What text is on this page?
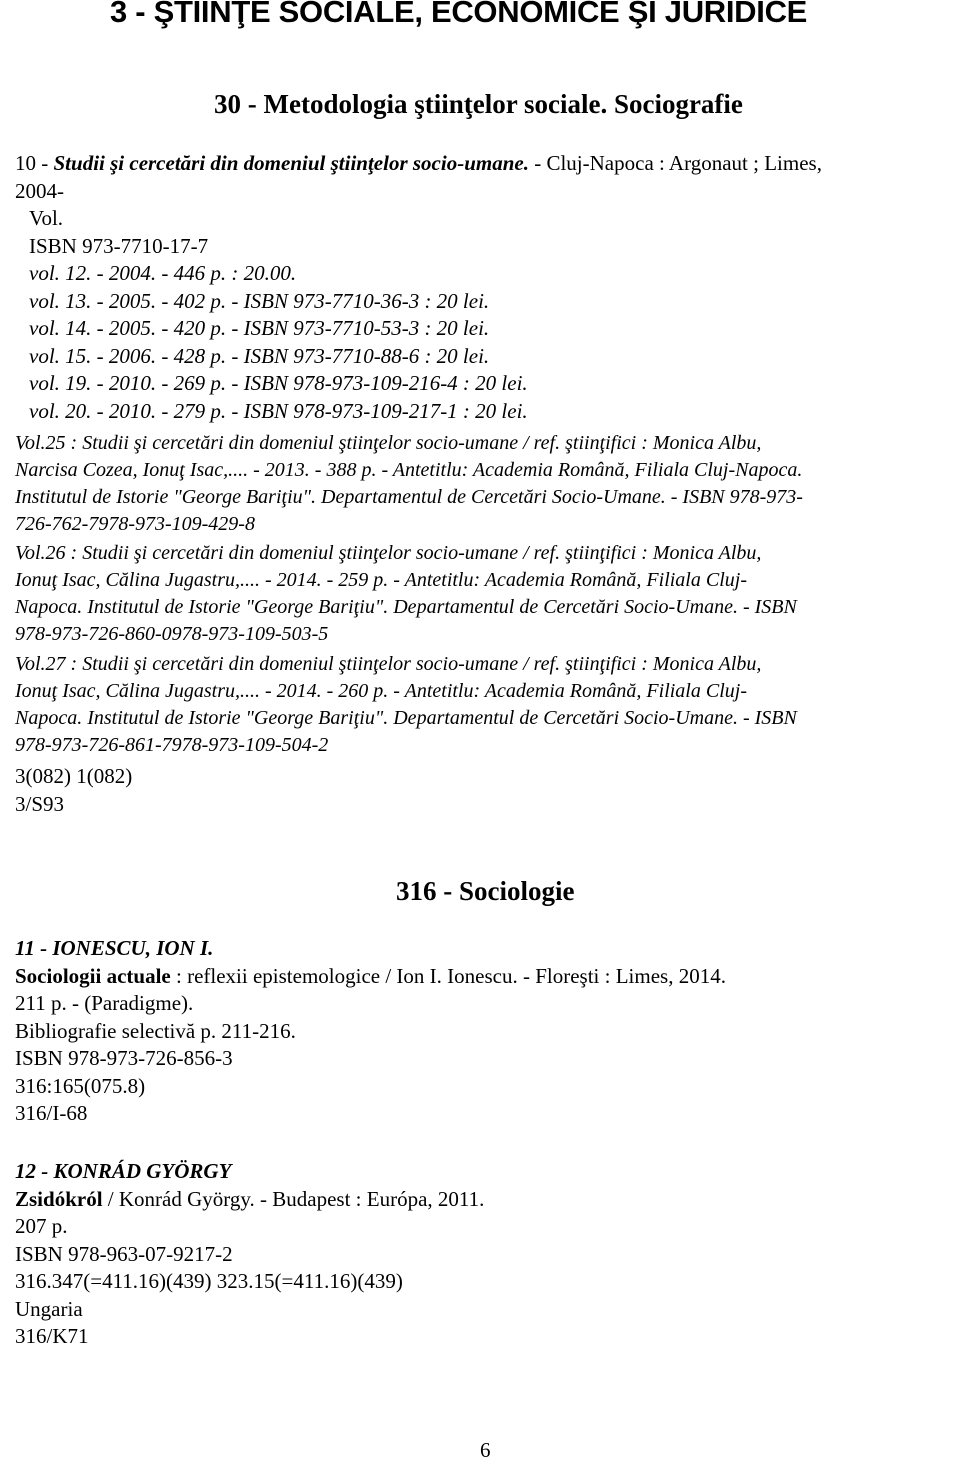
3 - ŞTIINŢE SOCIALE, ECONOMICE ŞI JURIDICE
30 - Metodologia ştiinţelor sociale. Sociografie
10 - Studii şi cercetări din domeniul ştiinţelor socio-umane. - Cluj-Napoca : Argonaut ; Limes,
2004-
Vol.
ISBN 973-7710-17-7
vol. 12. - 2004. - 446 p. : 20.00.
vol. 13. - 2005. - 402 p. - ISBN 973-7710-36-3 : 20 lei.
vol. 14. - 2005. - 420 p. - ISBN 973-7710-53-3 : 20 lei.
vol. 15. - 2006. - 428 p. - ISBN 973-7710-88-6 : 20 lei.
vol. 19. - 2010. - 269 p. - ISBN 978-973-109-216-4 : 20 lei.
vol. 20. - 2010. - 279 p. - ISBN 978-973-109-217-1 : 20 lei.
Vol.25 : Studii şi cercetări din domeniul ştiinţelor socio-umane / ref. ştiinţifici : Monica Albu,
Narcisa Cozea, Ionuţ Isac,.... - 2013. - 388 p. - Antetitlu: Academia Română, Filiala Cluj-Napoca.
Institutul de Istorie "George Bariţiu". Departamentul de Cercetări Socio-Umane. - ISBN 978-973-
726-762-7978-973-109-429-8
Vol.26 : Studii şi cercetări din domeniul ştiinţelor socio-umane / ref. ştiinţifici : Monica Albu,
Ionuţ Isac, Călina Jugastru,.... - 2014. - 259 p. - Antetitlu: Academia Română, Filiala Cluj-
Napoca. Institutul de Istorie "George Bariţiu". Departamentul de Cercetări Socio-Umane. - ISBN
978-973-726-860-0978-973-109-503-5
Vol.27 : Studii şi cercetări din domeniul ştiinţelor socio-umane / ref. ştiinţifici : Monica Albu,
Ionuţ Isac, Călina Jugastru,.... - 2014. - 260 p. - Antetitlu: Academia Română, Filiala Cluj-
Napoca. Institutul de Istorie "George Bariţiu". Departamentul de Cercetări Socio-Umane. - ISBN
978-973-726-861-7978-973-109-504-2
3(082) 1(082)
3/S93
316 - Sociologie
11 - IONESCU, ION I.
Sociologii actuale : reflexii epistemologice / Ion I. Ionescu. - Floreşti : Limes, 2014.
211 p. - (Paradigme).
Bibliografie selectivă p. 211-216.
ISBN 978-973-726-856-3
316:165(075.8)
316/I-68
12 - KONRÁD GYÖRGY
Zsidókról / Konrád György. - Budapest : Európa, 2011.
207 p.
ISBN 978-963-07-9217-2
316.347(=411.16)(439) 323.15(=411.16)(439)
Ungaria
316/K71
6
